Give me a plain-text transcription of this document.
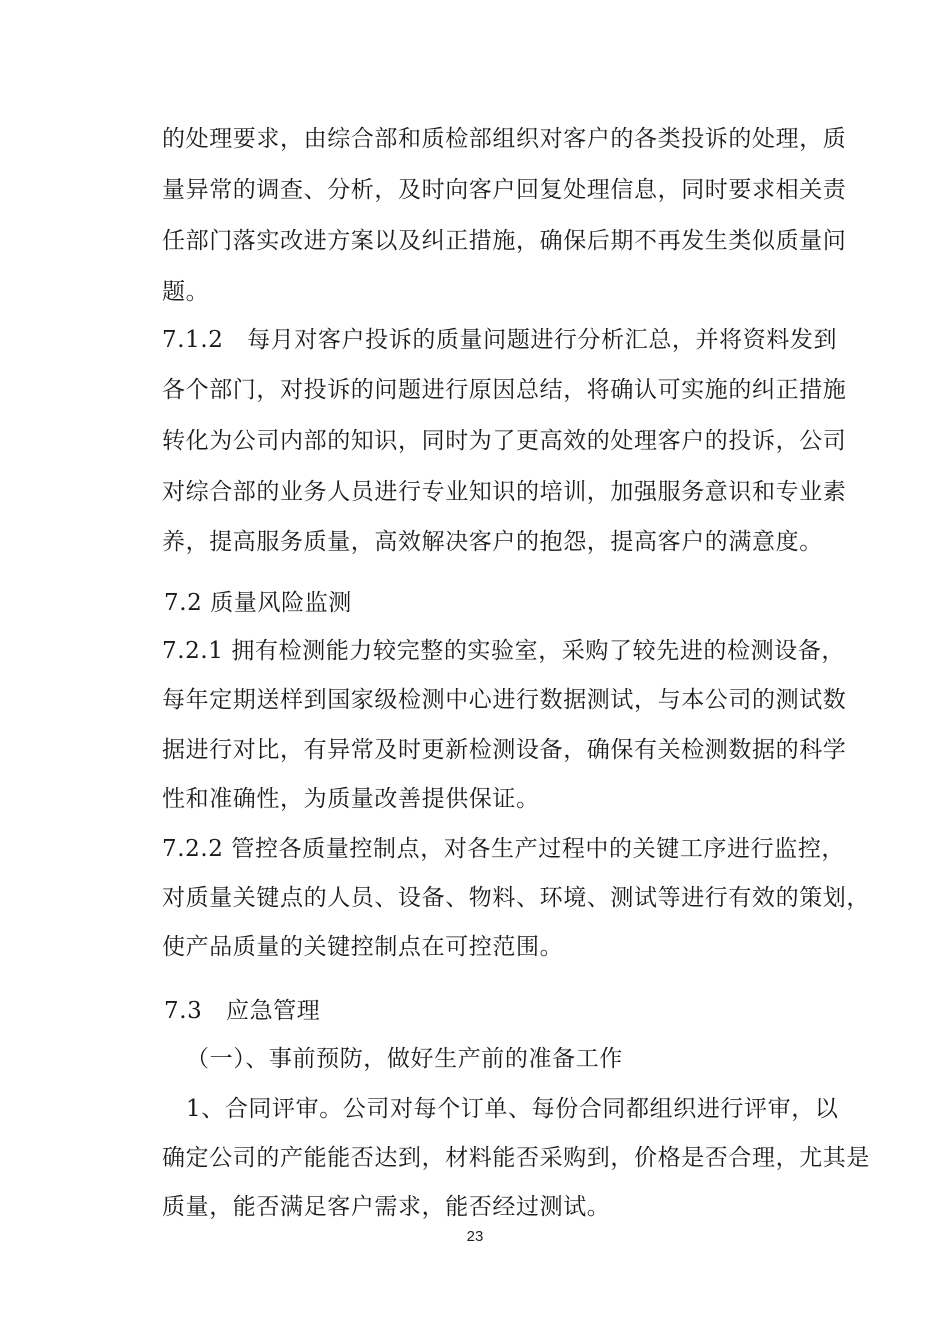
的处理要求，由综合部和质检部组织对客户的各类投诉的处理，质
量异常的调查、分析，及时向客户回复处理信息，同时要求相关责
任部门落实改进方案以及纠正措施，确保后期不再发生类似质量问
题。
7.1.2　每月对客户投诉的质量问题进行分析汇总，并将资料发到
各个部门，对投诉的问题进行原因总结，将确认可实施的纠正措施
转化为公司内部的知识，同时为了更高效的处理客户的投诉，公司
对综合部的业务人员进行专业知识的培训，加强服务意识和专业素
养，提高服务质量，高效解决客户的抱怨，提高客户的满意度。
7.2 质量风险监测
7.2.1 拥有检测能力较完整的实验室，采购了较先进的检测设备，
每年定期送样到国家级检测中心进行数据测试，与本公司的测试数
据进行对比，有异常及时更新检测设备，确保有关检测数据的科学
性和准确性，为质量改善提供保证。
7.2.2 管控各质量控制点，对各生产过程中的关键工序进行监控，
对质量关键点的人员、设备、物料、环境、测试等进行有效的策划，
使产品质量的关键控制点在可控范围。
7.3　应急管理
（一）、事前预防，做好生产前的准备工作
1、合同评审。公司对每个订单、每份合同都组织进行评审，以
确定公司的产能能否达到，材料能否采购到，价格是否合理，尤其是
质量，能否满足客户需求，能否经过测试。
23
